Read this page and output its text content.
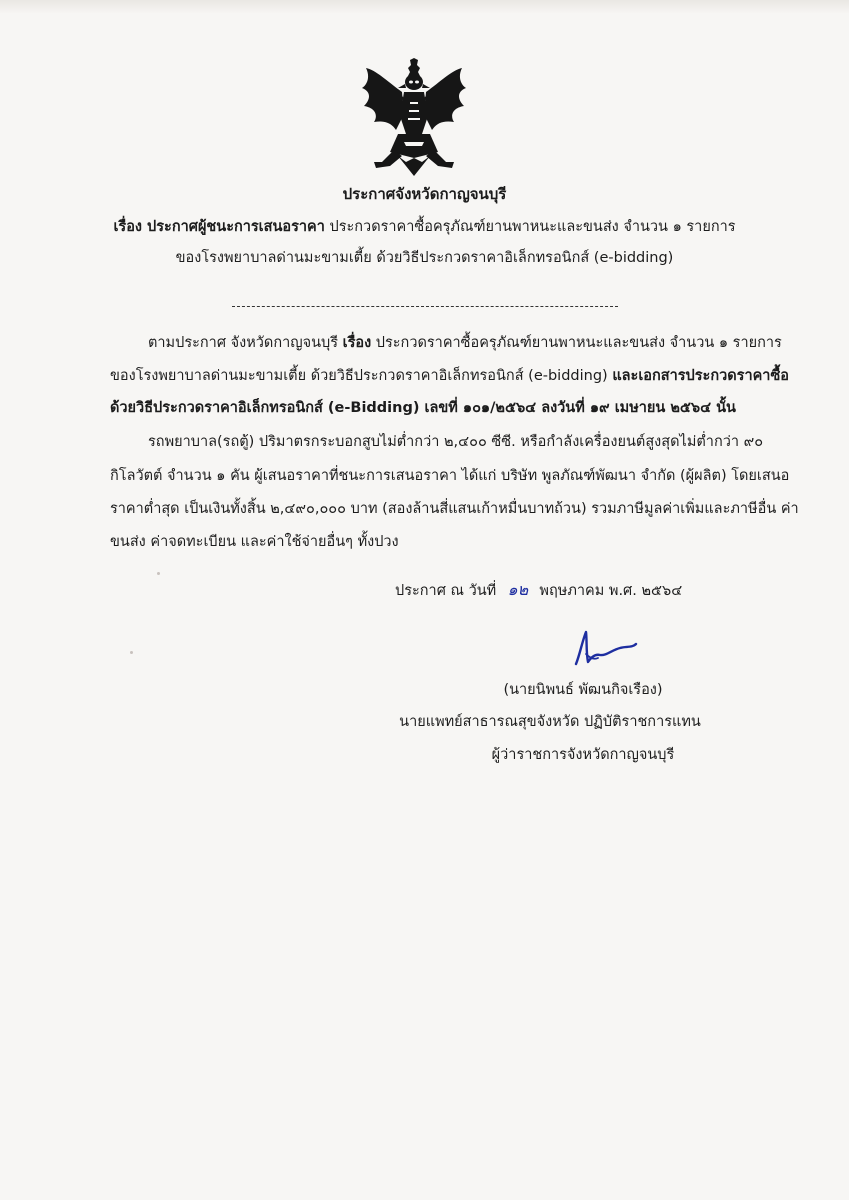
ประกาศจังหวัดกาญจนบุรี
เรื่อง ประกาศผู้ชนะการเสนอราคา ประกวดราคาซื้อครุภัณฑ์ยานพาหนะและขนส่ง จำนวน ๑ รายการ
ของโรงพยาบาลด่านมะขามเตี้ย ด้วยวิธีประกวดราคาอิเล็กทรอนิกส์ (e-bidding)
ตามประกาศ จังหวัดกาญจนบุรี เรื่อง ประกวดราคาซื้อครุภัณฑ์ยานพาหนะและขนส่ง จำนวน ๑ รายการ
ของโรงพยาบาลด่านมะขามเตี้ย ด้วยวิธีประกวดราคาอิเล็กทรอนิกส์ (e-bidding) และเอกสารประกวดราคาซื้อ
ด้วยวิธีประกวดราคาอิเล็กทรอนิกส์ (e-Bidding) เลขที่ ๑๐๑/๒๕๖๔ ลงวันที่ ๑๙ เมษายน ๒๕๖๔ นั้น
รถพยาบาล(รถตู้) ปริมาตรกระบอกสูบไม่ต่ำกว่า ๒,๔๐๐ ซีซี. หรือกำลังเครื่องยนต์สูงสุดไม่ต่ำกว่า ๙๐
กิโลวัตต์ จำนวน ๑ คัน ผู้เสนอราคาที่ชนะการเสนอราคา ได้แก่ บริษัท พูลภัณฑ์พัฒนา จำกัด (ผู้ผลิต) โดยเสนอ
ราคาต่ำสุด เป็นเงินทั้งสิ้น ๒,๔๙๐,๐๐๐ บาท (สองล้านสี่แสนเก้าหมื่นบาทถ้วน) รวมภาษีมูลค่าเพิ่มและภาษีอื่น ค่า
ขนส่ง ค่าจดทะเบียน และค่าใช้จ่ายอื่นๆ ทั้งปวง
ประกาศ ณ วันที่ ๑๒ พฤษภาคม พ.ศ. ๒๕๖๔
(นายนิพนธ์ พัฒนกิจเรือง)
นายแพทย์สาธารณสุขจังหวัด ปฏิบัติราชการแทน
ผู้ว่าราชการจังหวัดกาญจนบุรี
